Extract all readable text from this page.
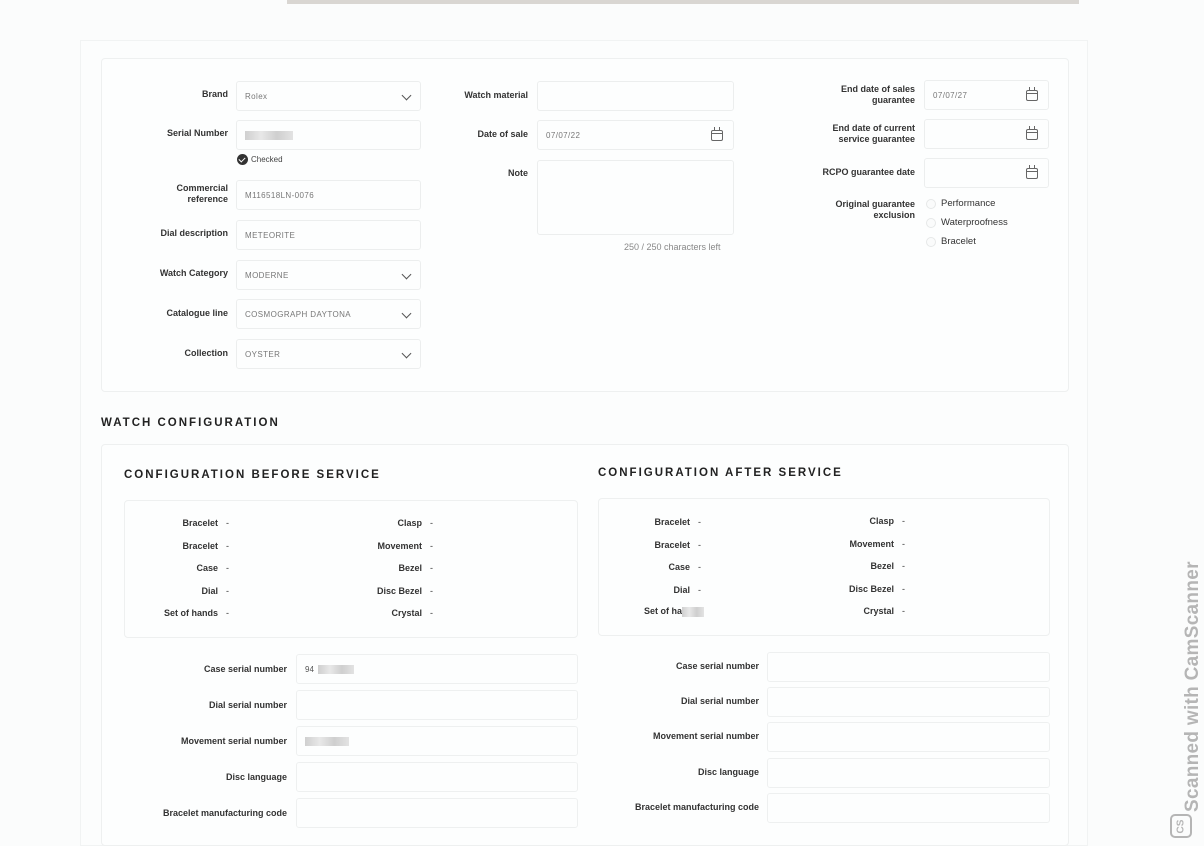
Brand Rolex
Serial Number
Checked
Commercial
reference M116518LN-0076
Dial description METEORITE
Watch Category MODERNE
Catalogue line COSMOGRAPH DAYTONA
Collection OYSTER
Watch material
Date of sale 07/07/22
Note
250 / 250 characters left
End date of sales
guarantee 07/07/27
End date of current
service guarantee
RCPO guarantee date
Original guarantee
exclusion
Performance
Waterproofness
Bracelet
WATCH CONFIGURATION
CONFIGURATION BEFORE SERVICE	CONFIGURATION AFTER SERVICE
Bracelet -
Bracelet -
Case -
Dial -
Set of hands -
Clasp -
Movement -
Bezel -
Disc Bezel -
Crystal -
Bracelet -
Bracelet -
Case -
Dial -
Set of ha
Clasp -
Movement -
Bezel -
Disc Bezel -
Crystal -
Case serial number 94
Dial serial number
Movement serial number
Disc language
Bracelet manufacturing code
Case serial number
Dial serial number
Movement serial number
Disc language
Bracelet manufacturing code	Scanned with CamScanner
CS
